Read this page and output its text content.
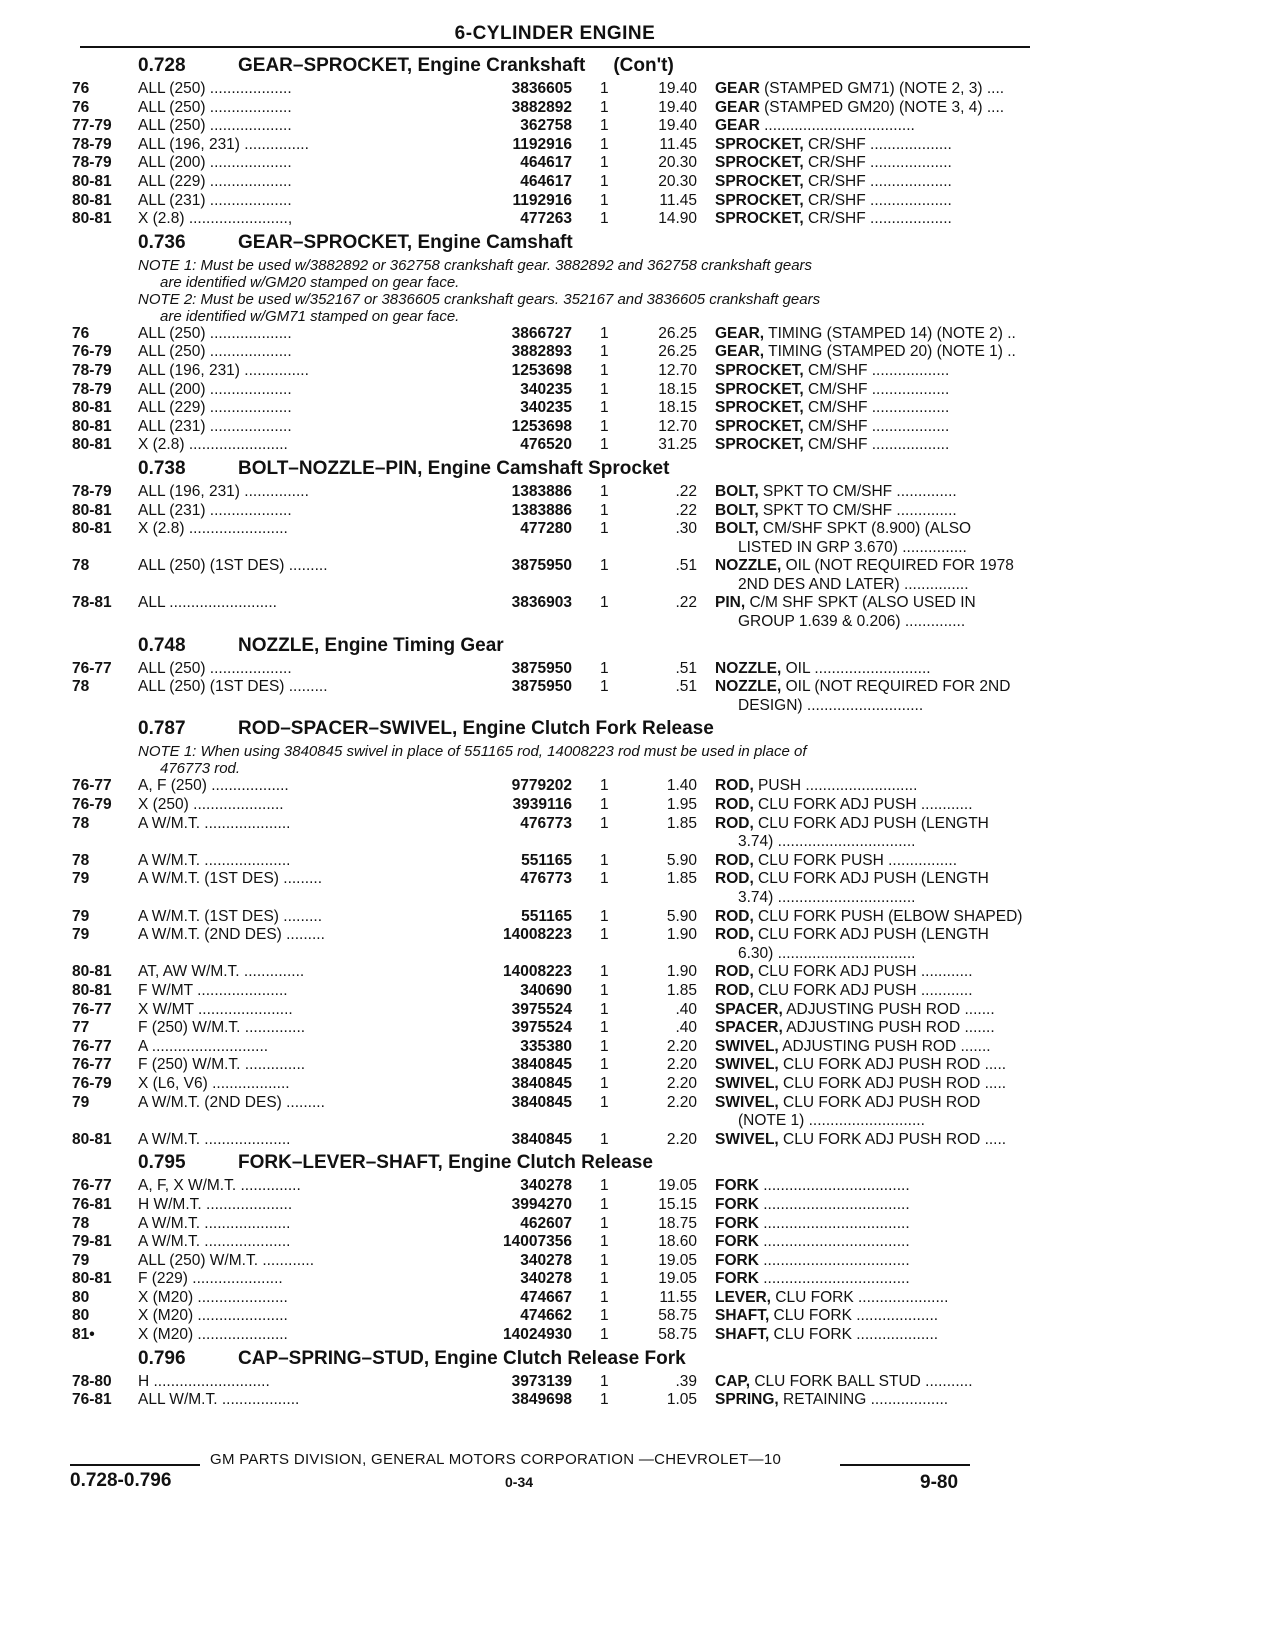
6-CYLINDER ENGINE
0.728	GEAR–SPROCKET, Engine Crankshaft (Con't)
76	ALL (250) ...................	3836605 1	19.40 GEAR (STAMPED GM71) (NOTE 2, 3) ....
76	ALL (250) ...................	3882892 1	19.40 GEAR (STAMPED GM20) (NOTE 3, 4) ....
77-79	ALL (250) ...................	362758 1	19.40 GEAR ...................................
78-79	ALL (196, 231) ...............	1192916 1	11.45 SPROCKET, CR/SHF ...................
78-79	ALL (200) ...................	464617 1	20.30 SPROCKET, CR/SHF ...................
80-81	ALL (229) ...................	464617 1	20.30 SPROCKET, CR/SHF ...................
80-81	ALL (231) ...................	1192916 1	11.45 SPROCKET, CR/SHF ...................
80-81	X (2.8) .......................,	477263 1	14.90 SPROCKET, CR/SHF ...................
0.736	GEAR–SPROCKET, Engine Camshaft
NOTE 1: Must be used w/3882892 or 362758 crankshaft gear. 3882892 and 362758 crankshaft gears
are identified w/GM20 stamped on gear face.
NOTE 2: Must be used w/352167 or 3836605 crankshaft gears. 352167 and 3836605 crankshaft gears
are identified w/GM71 stamped on gear face.
76	ALL (250) ...................	3866727 1	26.25 GEAR, TIMING (STAMPED 14) (NOTE 2) ..
76-79	ALL (250) ...................	3882893 1	26.25 GEAR, TIMING (STAMPED 20) (NOTE 1) ..
78-79	ALL (196, 231) ...............	1253698 1	12.70 SPROCKET, CM/SHF ..................
78-79	ALL (200) ...................	340235 1	18.15 SPROCKET, CM/SHF ..................
80-81	ALL (229) ...................	340235 1	18.15 SPROCKET, CM/SHF ..................
80-81	ALL (231) ...................	1253698 1	12.70 SPROCKET, CM/SHF ..................
80-81	X (2.8) .......................	476520 1	31.25 SPROCKET, CM/SHF ..................
0.738	BOLT–NOZZLE–PIN, Engine Camshaft Sprocket
78-79	ALL (196, 231) ...............	1383886 1	.22 BOLT, SPKT TO CM/SHF ..............
80-81	ALL (231) ...................	1383886 1	.22 BOLT, SPKT TO CM/SHF ..............
80-81	X (2.8) .......................	477280 1	.30 BOLT, CM/SHF SPKT (8.900) (ALSO
LISTED IN GRP 3.670) ...............
78	ALL (250) (1ST DES) .........	3875950 1	.51 NOZZLE, OIL (NOT REQUIRED FOR 1978
2ND DES AND LATER) ...............
78-81	ALL .........................	3836903 1	.22 PIN, C/M SHF SPKT (ALSO USED IN
GROUP 1.639 & 0.206) ..............
0.748	NOZZLE, Engine Timing Gear
76-77	ALL (250) ...................	3875950 1	.51 NOZZLE, OIL ...........................
78	ALL (250) (1ST DES) .........	3875950 1	.51 NOZZLE, OIL (NOT REQUIRED FOR 2ND
DESIGN) ...........................
0.787	ROD–SPACER–SWIVEL, Engine Clutch Fork Release
NOTE 1: When using 3840845 swivel in place of 551165 rod, 14008223 rod must be used in place of
476773 rod.
76-77	A, F (250) ..................	9779202 1	1.40 ROD, PUSH ..........................
76-79	X (250) .....................	3939116 1	1.95 ROD, CLU FORK ADJ PUSH ............
78	A W/M.T. ....................	476773 1	1.85 ROD, CLU FORK ADJ PUSH (LENGTH
3.74) ................................
78	A W/M.T. ....................	551165 1	5.90 ROD, CLU FORK PUSH ................
79	A W/M.T. (1ST DES) .........	476773 1	1.85 ROD, CLU FORK ADJ PUSH (LENGTH
3.74) ................................
79	A W/M.T. (1ST DES) .........	551165 1	5.90 ROD, CLU FORK PUSH (ELBOW SHAPED)
79	A W/M.T. (2ND DES) .........	14008223 1	1.90 ROD, CLU FORK ADJ PUSH (LENGTH
6.30) ................................
80-81	AT, AW W/M.T. ..............	14008223 1	1.90 ROD, CLU FORK ADJ PUSH ............
80-81	F W/MT .....................	340690 1	1.85 ROD, CLU FORK ADJ PUSH ............
76-77	X W/MT ......................	3975524 1	.40 SPACER, ADJUSTING PUSH ROD .......
77	F (250) W/M.T. ..............	3975524 1	.40 SPACER, ADJUSTING PUSH ROD .......
76-77	A ...........................	335380 1	2.20 SWIVEL, ADJUSTING PUSH ROD .......
76-77	F (250) W/M.T. ..............	3840845 1	2.20 SWIVEL, CLU FORK ADJ PUSH ROD .....
76-79	X (L6, V6) ..................	3840845 1	2.20 SWIVEL, CLU FORK ADJ PUSH ROD .....
79	A W/M.T. (2ND DES) .........	3840845 1	2.20 SWIVEL, CLU FORK ADJ PUSH ROD
(NOTE 1) ...........................
80-81	A W/M.T. ....................	3840845 1	2.20 SWIVEL, CLU FORK ADJ PUSH ROD .....
0.795	FORK–LEVER–SHAFT, Engine Clutch Release
76-77	A, F, X W/M.T. ..............	340278 1	19.05 FORK ..................................
76-81	H W/M.T. ....................	3994270 1	15.15 FORK ..................................
78	A W/M.T. ....................	462607 1	18.75 FORK ..................................
79-81	A W/M.T. ....................	14007356 1	18.60 FORK ..................................
79	ALL (250) W/M.T. ............	340278 1	19.05 FORK ..................................
80-81	F (229) .....................	340278 1	19.05 FORK ..................................
80	X (M20) .....................	474667 1	11.55 LEVER, CLU FORK .....................
80	X (M20) .....................	474662 1	58.75 SHAFT, CLU FORK ...................
81•	X (M20) .....................	14024930 1	58.75 SHAFT, CLU FORK ...................
0.796	CAP–SPRING–STUD, Engine Clutch Release Fork
78-80	H ...........................	3973139 1	.39 CAP, CLU FORK BALL STUD ...........
76-81	ALL W/M.T. ..................	3849698 1	1.05 SPRING, RETAINING ..................
GM PARTS DIVISION, GENERAL MOTORS CORPORATION —CHEVROLET—10
0.728-0.796	0-34	9-80
